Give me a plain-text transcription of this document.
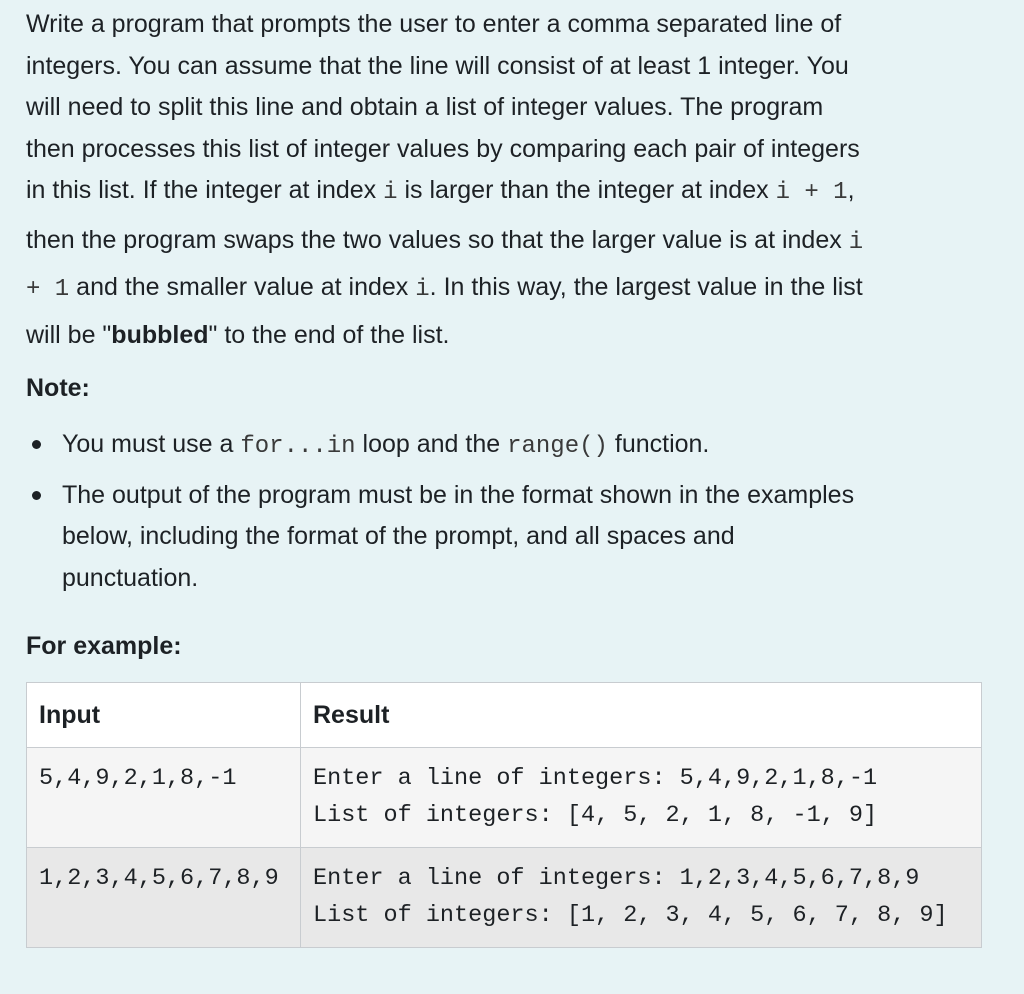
Write a program that prompts the user to enter a comma separated line of
integers. You can assume that the line will consist of at least 1 integer. You
will need to split this line and obtain a list of integer values. The program
then processes this list of integer values by comparing each pair of integers
in this list. If the integer at index i is larger than the integer at index i + 1,
then the program swaps the two values so that the larger value is at index i
+ 1 and the smaller value at index i. In this way, the largest value in the list
will be "bubbled" to the end of the list.

Note:
You must use a for...in loop and the range() function.
The output of the program must be in the format shown in the examples
below, including the format of the prompt, and all spaces and
punctuation.
For example:
Input	Result
5,4,9,2,1,8,-1	Enter a line of integers: 5,4,9,2,1,8,-1
List of integers: [4, 5, 2, 1, 8, -1, 9]

1,2,3,4,5,6,7,8,9	Enter a line of integers: 1,2,3,4,5,6,7,8,9
List of integers: [1, 2, 3, 4, 5, 6, 7, 8, 9]
